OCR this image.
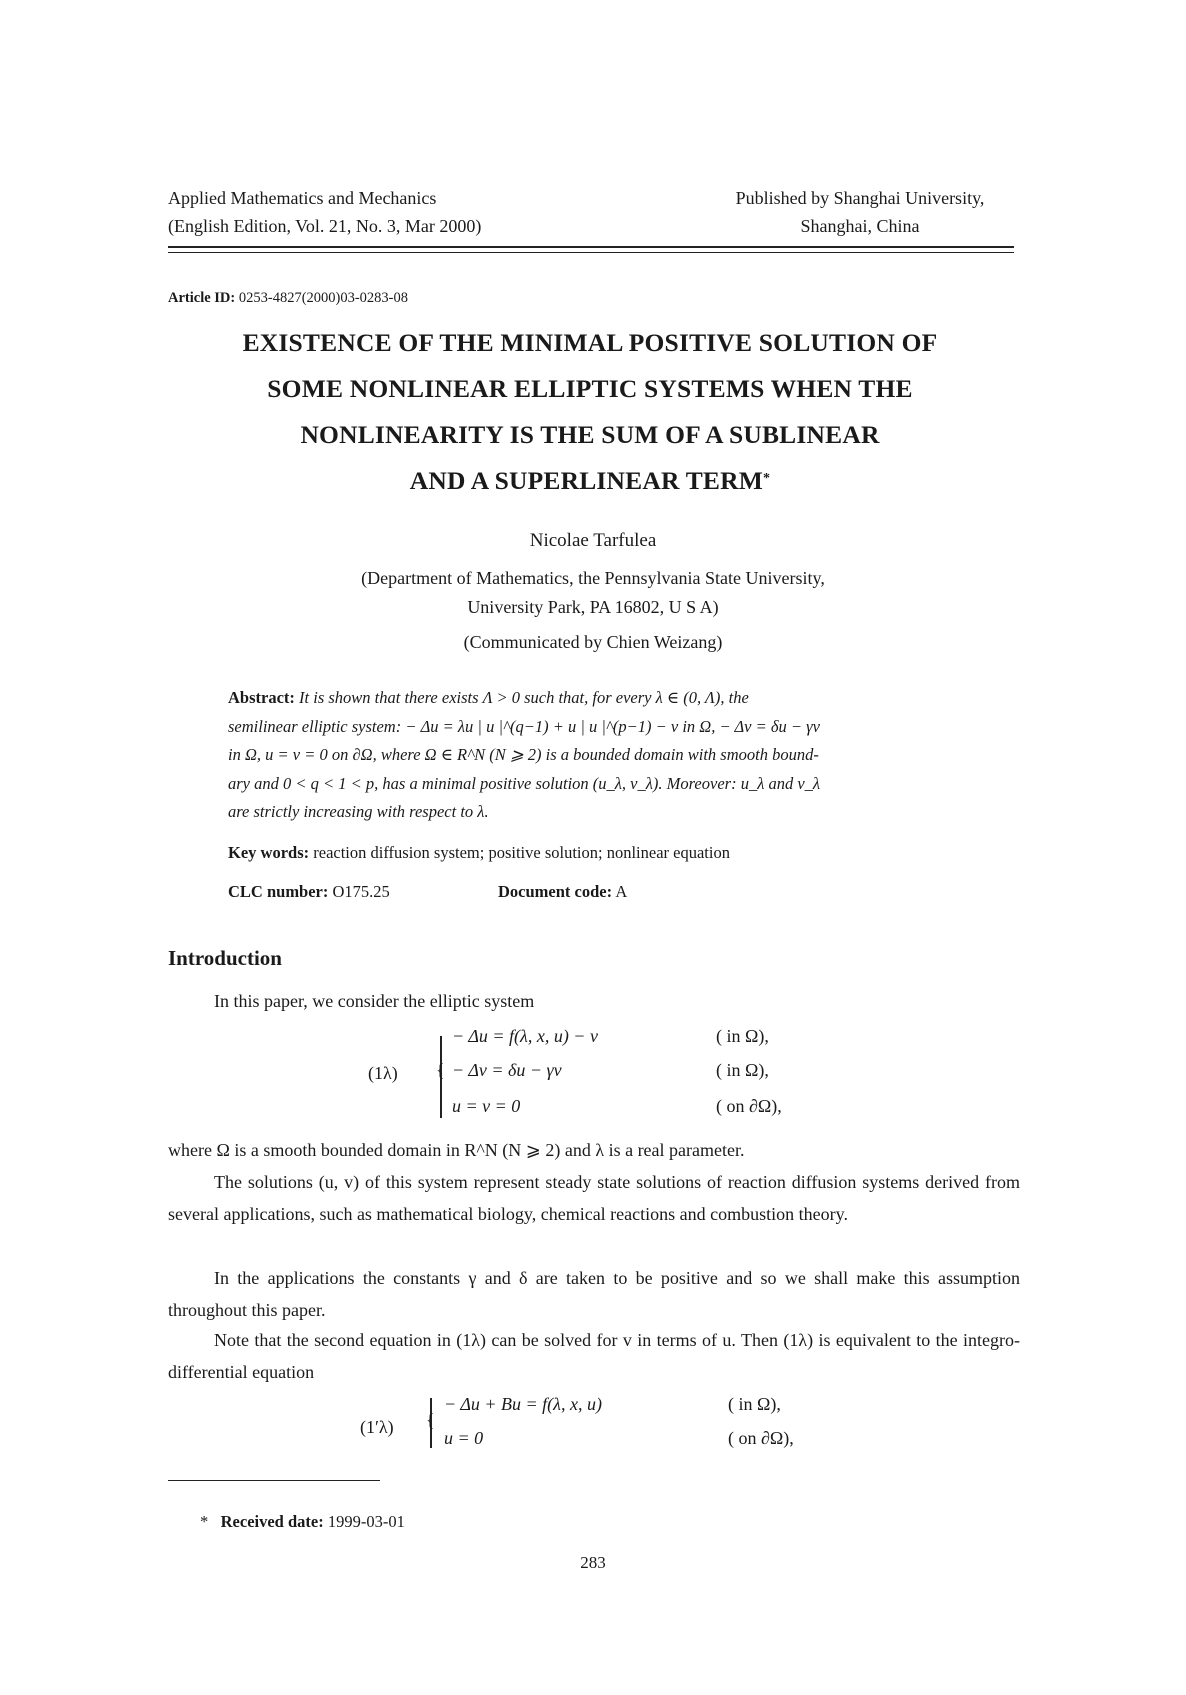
Applied Mathematics and Mechanics
(English Edition, Vol. 21, No. 3, Mar 2000)
Published by Shanghai University,
Shanghai, China
Article ID: 0253-4827(2000)03-0283-08
EXISTENCE OF THE MINIMAL POSITIVE SOLUTION OF
SOME NONLINEAR ELLIPTIC SYSTEMS WHEN THE
NONLINEARITY IS THE SUM OF A SUBLINEAR
AND A SUPERLINEAR TERM*
Nicolae Tarfulea
(Department of Mathematics, the Pennsylvania State University,
University Park, PA 16802, U S A)
(Communicated by Chien Weizang)
Abstract: It is shown that there exists Λ > 0 such that, for every λ ∈ (0, Λ), the
semilinear elliptic system: − Δu = λu | u |^(q−1) + u | u |^(p−1) − v in Ω, − Δv = δu − γv
in Ω, u = v = 0 on ∂Ω, where Ω ∈ R^N (N ⩾ 2) is a bounded domain with smooth bound-
ary and 0 < q < 1 < p, has a minimal positive solution (u_λ, v_λ). Moreover: u_λ and v_λ
are strictly increasing with respect to λ.
Key words: reaction diffusion system; positive solution; nonlinear equation
CLC number: O175.25	Document code: A
Introduction
In this paper, we consider the elliptic system
(1λ) {
− Δu = f(λ, x, u) − v
− Δv = δu − γv
u = v = 0
( in Ω),
( in Ω),
( on ∂Ω),
where Ω is a smooth bounded domain in R^N (N ⩾ 2) and λ is a real parameter.
The solutions (u, v) of this system represent steady state solutions of reaction diffusion systems derived from several applications, such as mathematical biology, chemical reactions and combustion theory.
In the applications the constants γ and δ are taken to be positive and so we shall make this assumption throughout this paper.
Note that the second equation in (1λ) can be solved for v in terms of u. Then (1λ) is equivalent to the integro-differential equation
(1′λ) {
− Δu + Bu = f(λ, x, u)
u = 0
( in Ω),
( on ∂Ω),
* Received date: 1999-03-01
283
